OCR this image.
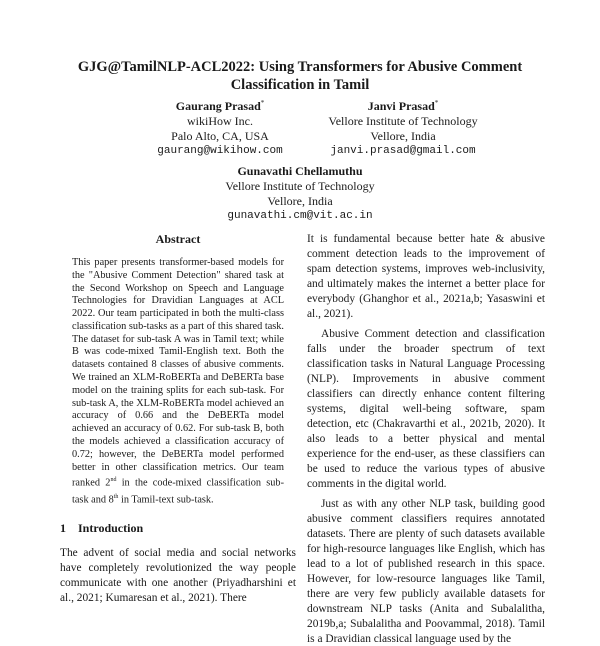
GJG@TamilNLP-ACL2022: Using Transformers for Abusive Comment Classification in Tamil
Gaurang Prasad*
wikiHow Inc.
Palo Alto, CA, USA
gaurang@wikihow.com
Janvi Prasad*
Vellore Institute of Technology
Vellore, India
janvi.prasad@gmail.com
Gunavathi Chellamuthu
Vellore Institute of Technology
Vellore, India
gunavathi.cm@vit.ac.in
Abstract
This paper presents transformer-based models for the "Abusive Comment Detection" shared task at the Second Workshop on Speech and Language Technologies for Dravidian Languages at ACL 2022. Our team participated in both the multi-class classification sub-tasks as a part of this shared task. The dataset for sub-task A was in Tamil text; while B was code-mixed Tamil-English text. Both the datasets contained 8 classes of abusive comments. We trained an XLM-RoBERTa and DeBERTa base model on the training splits for each sub-task. For sub-task A, the XLM-RoBERTa model achieved an accuracy of 0.66 and the DeBERTa model achieved an accuracy of 0.62. For sub-task B, both the models achieved a classification accuracy of 0.72; however, the DeBERTa model performed better in other classification metrics. Our team ranked 2nd in the code-mixed classification sub-task and 8th in Tamil-text sub-task.
1 Introduction

The advent of social media and social networks have completely revolutionized the way people communicate with one another (Priyadharshini et al., 2021; Kumaresan et al., 2021). There

It is fundamental because better hate & abusive comment detection leads to the improvement of spam detection systems, improves web-inclusivity, and ultimately makes the internet a better place for everybody (Ghanghor et al., 2021a,b; Yasaswini et al., 2021).

Abusive Comment detection and classification falls under the broader spectrum of text classification tasks in Natural Language Processing (NLP). Improvements in abusive comment classifiers can directly enhance content filtering systems, digital well-being software, spam detection, etc (Chakravarthi et al., 2021b, 2020). It also leads to a better physical and mental experience for the end-user, as these classifiers can be used to reduce the various types of abusive comments in the digital world.

Just as with any other NLP task, building good abusive comment classifiers requires annotated datasets. There are plenty of such datasets available for high-resource languages like English, which has lead to a lot of published research in this space. However, for low-resource languages like Tamil, there are very few publicly available datasets for downstream NLP tasks (Anita and Subalalitha, 2019b,a; Subalalitha and Poovammal, 2018). Tamil is a Dravidian classical language used by the
